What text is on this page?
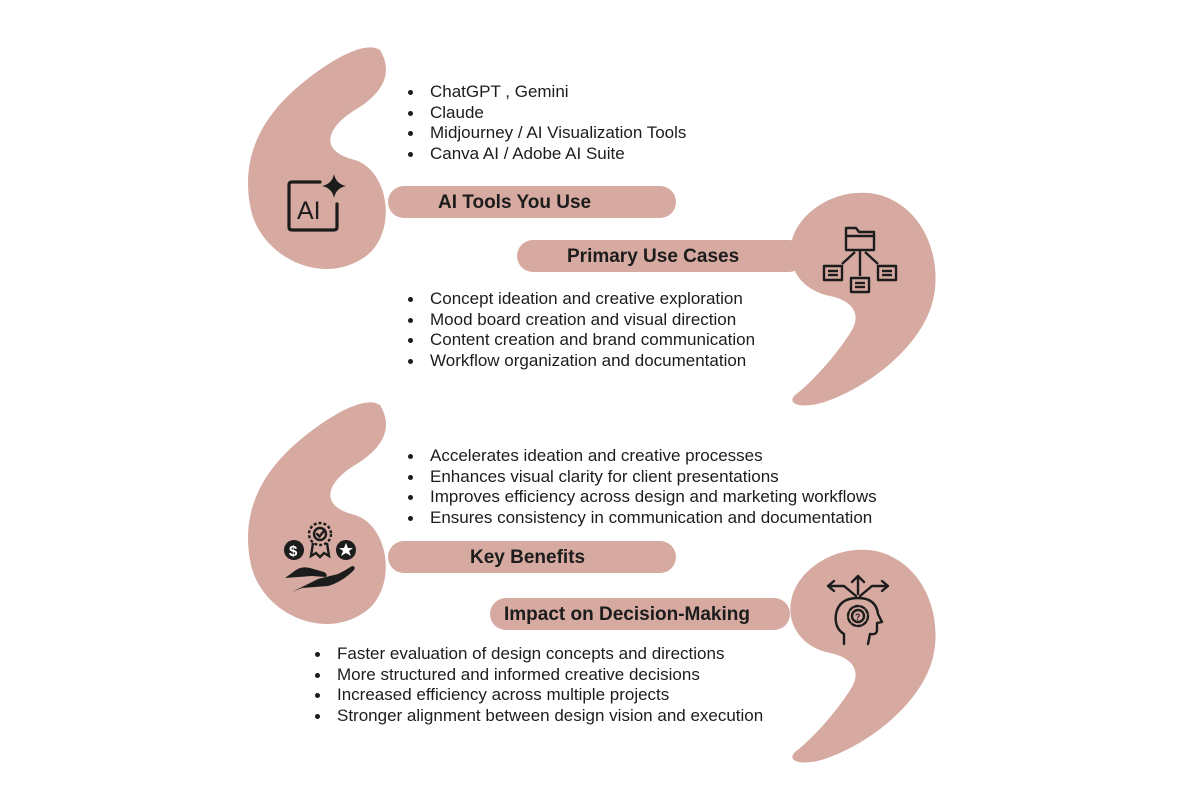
AI
$
?
AI Tools You Use
Primary Use Cases
Key Benefits
Impact on Decision-Making
ChatGPT , Gemini
Claude
Midjourney / AI Visualization Tools
Canva AI / Adobe AI Suite
Concept ideation and creative exploration
Mood board creation and visual direction
Content creation and brand communication
Workflow organization and documentation
Accelerates ideation and creative processes
Enhances visual clarity for client presentations
Improves efficiency across design and marketing workflows
Ensures consistency in communication and documentation
Faster evaluation of design concepts and directions
More structured and informed creative decisions
Increased efficiency across multiple projects
Stronger alignment between design vision and execution
